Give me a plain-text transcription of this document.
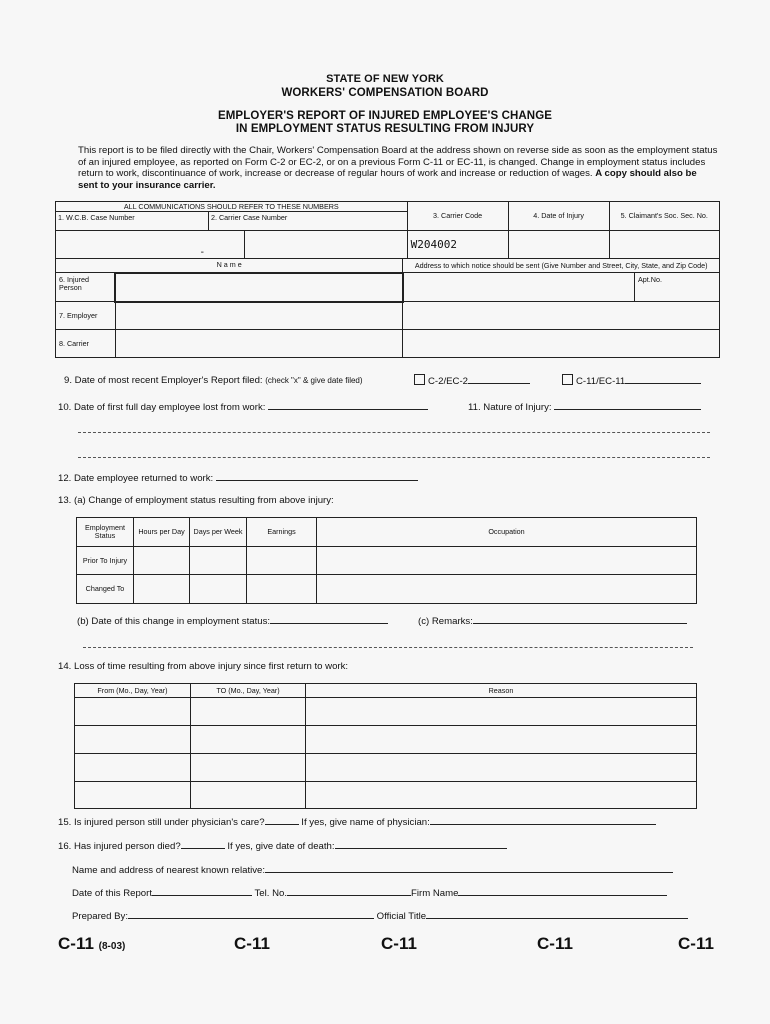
STATE OF NEW YORK
WORKERS' COMPENSATION BOARD
EMPLOYER'S REPORT OF INJURED EMPLOYEE'S CHANGE
IN EMPLOYMENT STATUS RESULTING FROM INJURY
This report is to be filed directly with the Chair, Workers' Compensation Board at the address shown on reverse side as soon as the employment status of an injured employee, as reported on Form C-2 or EC-2, or on a previous Form C-11 or EC-11, is changed. Change in employment status includes return to work, discontinuance of work, increase or decrease of regular hours of work and increase or reduction of wages. A copy should also be sent to your insurance carrier.
ALL COMMUNICATIONS SHOULD REFER TO THESE NUMBERS
1. W.C.B. Case Number 2. Carrier Case Number		3. Carrier Code	4. Date of Injury	5. Claimant's Soc. Sec. No.
-		W204002		
N a m e		Address to which notice should be sent (Give Number and Street, City, State, and Zip Code)	
6. Injured Person			Apt.No.
7. Employer			
8. Carrier			
9. Date of most recent Employer's Report filed: (check "x" & give date filed)	C-2/EC-2	C-11/EC-11
10. Date of first full day employee lost from work:	11. Nature of Injury:
12. Date employee returned to work:
13. (a) Change of employment status resulting from above injury:
Employment Status	Hours per Day	Days per Week	Earnings	Occupation
Prior To Injury				
Changed To				
(b) Date of this change in employment status:	(c) Remarks:
14. Loss of time resulting from above injury since first return to work:
From (Mo., Day, Year)	TO (Mo., Day, Year)	Reason

15. Is injured person still under physician's care?	If yes, give name of physician:
16. Has injured person died?	If yes, give date of death:
Name and address of nearest known relative:
Date of this Report	Tel. No.	Firm Name
Prepared By:	Official Title
C-11 (8-03)	C-11	C-11	C-11	C-11
